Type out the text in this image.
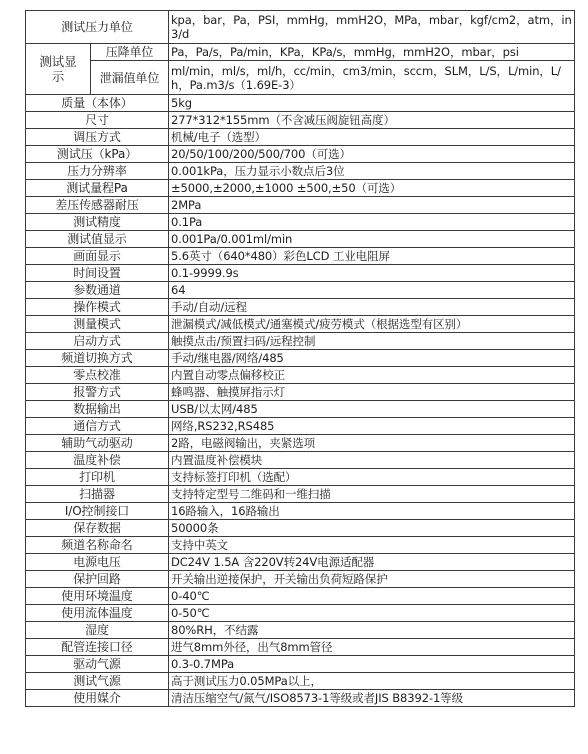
测试压力单位		kpa，bar，Pa，PSI，mmHg，mmH2O，MPa，mbar，kgf/cm2，atm，in3/d
测试显示	压降单位	Pa，Pa/s，Pa/min，KPa，KPa/s，mmHg，mmH2O，mbar，psi
	泄漏值单位	ml/min，ml/s，ml/h，cc/min，cm3/min，sccm，SLM，L/S，L/min，L/h，Pa.m3/s（1.69E-3）
质量（本体）		5kg
尺寸		277*312*155mm（不含减压阀旋钮高度）
调压方式		机械/电子（选型）
测试压（kPa）		20/50/100/200/500/700（可选）
压力分辨率		0.001kPa，压力显示小数点后3位
测试量程Pa		±5000,±2000,±1000 ±500,±50（可选）
差压传感器耐压		2MPa
测试精度		0.1Pa
测试值显示		0.001Pa/0.001ml/min
画面显示		5.6英寸（640*480）彩色LCD 工业电阻屏
时间设置		0.1-9999.9s
参数通道		64
操作模式		手动/自动/远程
测量模式		泄漏模式/减低模式/通塞模式/疲劳模式（根据选型有区别）
启动方式		触摸点击/预置扫码/远程控制
频道切换方式		手动/继电器/网络/485
零点校准		内置自动零点偏移校正
报警方式		蜂鸣器、触摸屏指示灯
数据输出		USB/以太网/485
通信方式		网络,RS232,RS485
辅助气动驱动		2路，电磁阀输出，夹紧选项
温度补偿		内置温度补偿模块
打印机		支持标签打印机（选配）
扫描器		支持特定型号二维码和一维扫描
I/O控制接口		16路输入，16路输出
保存数据		50000条
频道名称命名		支持中英文
电源电压		DC24V 1.5A 含220V转24V电源适配器
保护回路		开关输出逆接保护，开关输出负荷短路保护
使用环境温度		0-40℃
使用流体温度		0-50℃
湿度		80%RH，不结露
配管连接口径		进气8mm外径，出气8mm管径
驱动气源		0.3-0.7MPa
测试气源		高于测试压力0.05MPa以上，
使用媒介		清洁压缩空气/氮气/ISO8573-1等级或者JIS B8392-1等级
